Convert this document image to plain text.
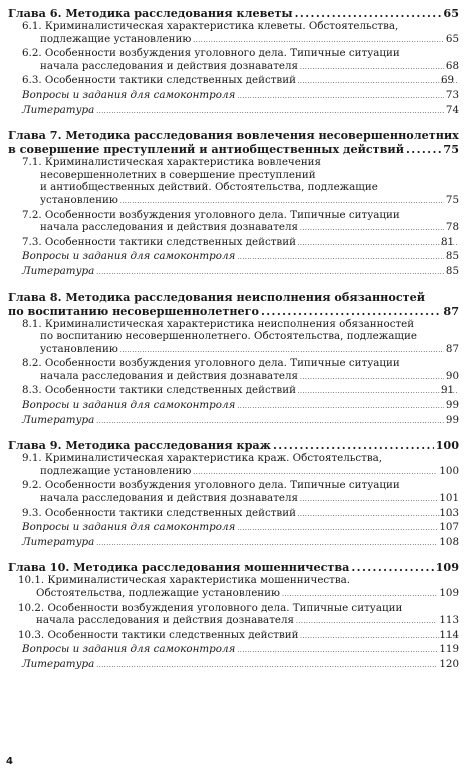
Глава 6. Методика расследования клеветы .....	65
6.1. Криминалистическая характеристика клеветы. Обстоятельства,
подлежащие установлению .....	65
6.2. Особенности возбуждения уголовного дела. Типичные ситуации
начала расследования и действия дознавателя .....	68
6.3. Особенности тактики следственных действий .....	69
Вопросы и задания для самоконтроля .....	73
Литература .....	74
Глава 7. Методика расследования вовлечения несовершеннолетних
в совершение преступлений и антиобщественных действий .....	75
7.1. Криминалистическая характеристика вовлечения
несовершеннолетних в совершение преступлений
и антиобщественных действий. Обстоятельства, подлежащие
установлению .....	75
7.2. Особенности возбуждения уголовного дела. Типичные ситуации
начала расследования и действия дознавателя .....	78
7.3. Особенности тактики следственных действий .....	81
Вопросы и задания для самоконтроля .....	85
Литература .....	85
Глава 8. Методика расследования неисполнения обязанностей
по воспитанию несовершеннолетнего .....	87
8.1. Криминалистическая характеристика неисполнения обязанностей
по воспитанию несовершеннолетнего. Обстоятельства, подлежащие
установлению .....	87
8.2. Особенности возбуждения уголовного дела. Типичные ситуации
начала расследования и действия дознавателя .....	90
8.3. Особенности тактики следственных действий .....	91
Вопросы и задания для самоконтроля .....	99
Литература .....	99
Глава 9. Методика расследования краж .....	100
9.1. Криминалистическая характеристика краж. Обстоятельства,
подлежащие установлению .....	100
9.2. Особенности возбуждения уголовного дела. Типичные ситуации
начала расследования и действия дознавателя .....	101
9.3. Особенности тактики следственных действий .....	103
Вопросы и задания для самоконтроля .....	107
Литература .....	108
Глава 10. Методика расследования мошенничества .....	109
10.1. Криминалистическая характеристика мошенничества.
Обстоятельства, подлежащие установлению .....	109
10.2. Особенности возбуждения уголовного дела. Типичные ситуации
начала расследования и действия дознавателя .....	113
10.3. Особенности тактики следственных действий .....	114
Вопросы и задания для самоконтроля .....	119
Литература .....	120
4
